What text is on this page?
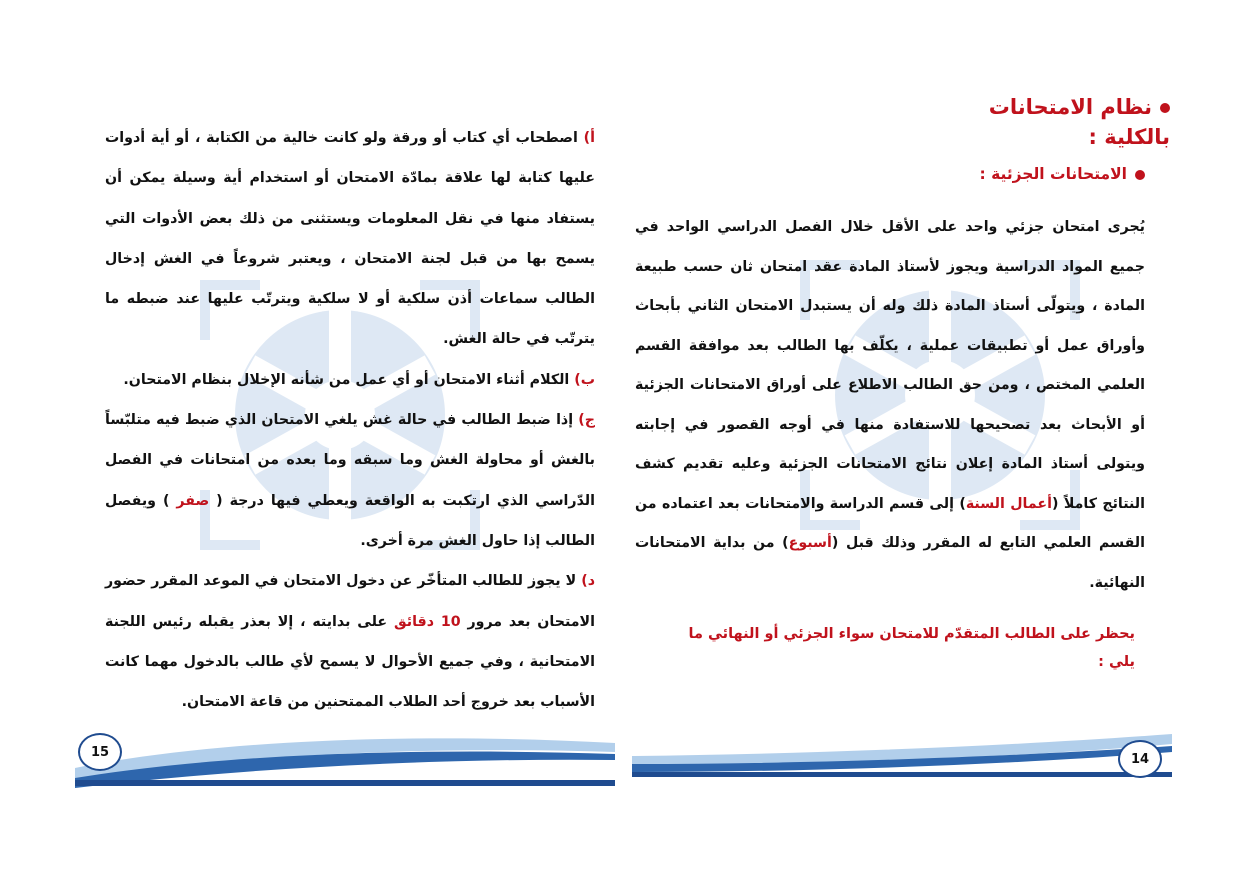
أ) اصطحاب أي كتاب أو ورقة ولو كانت خالية من الكتابة ، أو أية أدوات عليها كتابة لها علاقة بمادّة الامتحان أو استخدام أية وسيلة يمكن أن يستفاد منها في نقل المعلومات ويستثنى من ذلك بعض الأدوات التي يسمح بها من قبل لجنة الامتحان ، ويعتبر شروعاً في الغش إدخال الطالب سماعات أذن سلكية أو لا سلكية ويترتّب عليها عند ضبطه ما يترتّب في حالة الغش.

ب) الكلام أثناء الامتحان أو أي عمل من شأنه الإخلال بنظام الامتحان.

ج) إذا ضبط الطالب في حالة غش يلغي الامتحان الذي ضبط فيه متلبّساً بالغش أو محاولة الغش وما سبقه وما بعده من امتحانات في الفصل الدّراسي الذي ارتكبت به الواقعة ويعطي فيها درجة ( صفر ) ويفصل الطالب إذا حاول الغش مرة أخرى.

د) لا يجوز للطالب المتأخّر عن دخول الامتحان في الموعد المقرر حضور الامتحان بعد مرور 10 دقائق على بدايته ، إلا بعذر يقبله رئيس اللجنة الامتحانية ، وفي جميع الأحوال لا يسمح لأي طالب بالدخول مهما كانت الأسباب بعد خروج أحد الطلاب الممتحنين من قاعة الامتحان.

15
نظام الامتحانات بالكلية :
الامتحانات الجزئية :

يُجرى امتحان جزئي واحد على الأقل خلال الفصل الدراسي الواحد في جميع المواد الدراسية ويجوز لأستاذ المادة عقد امتحان ثان حسب طبيعة المادة ، ويتولّى أستاذ المادة ذلك وله أن يستبدل الامتحان الثاني بأبحاث وأوراق عمل أو تطبيقات عملية ، يكلّف بها الطالب بعد موافقة القسم العلمي المختص ، ومن حق الطالب الاطلاع على أوراق الامتحانات الجزئية أو الأبحاث بعد تصحيحها للاستفادة منها في أوجه القصور في إجابته ويتولى أستاذ المادة إعلان نتائج الامتحانات الجزئية وعليه تقديم كشف النتائج كاملاً (أعمال السنة) إلى قسم الدراسة والامتحانات بعد اعتماده من القسم العلمي التابع له المقرر وذلك قبل (أسبوع) من بداية الامتحانات النهائية.

يحظر على الطالب المتقدّم للامتحان سواء الجزئي أو النهائي ما يلي :
14
